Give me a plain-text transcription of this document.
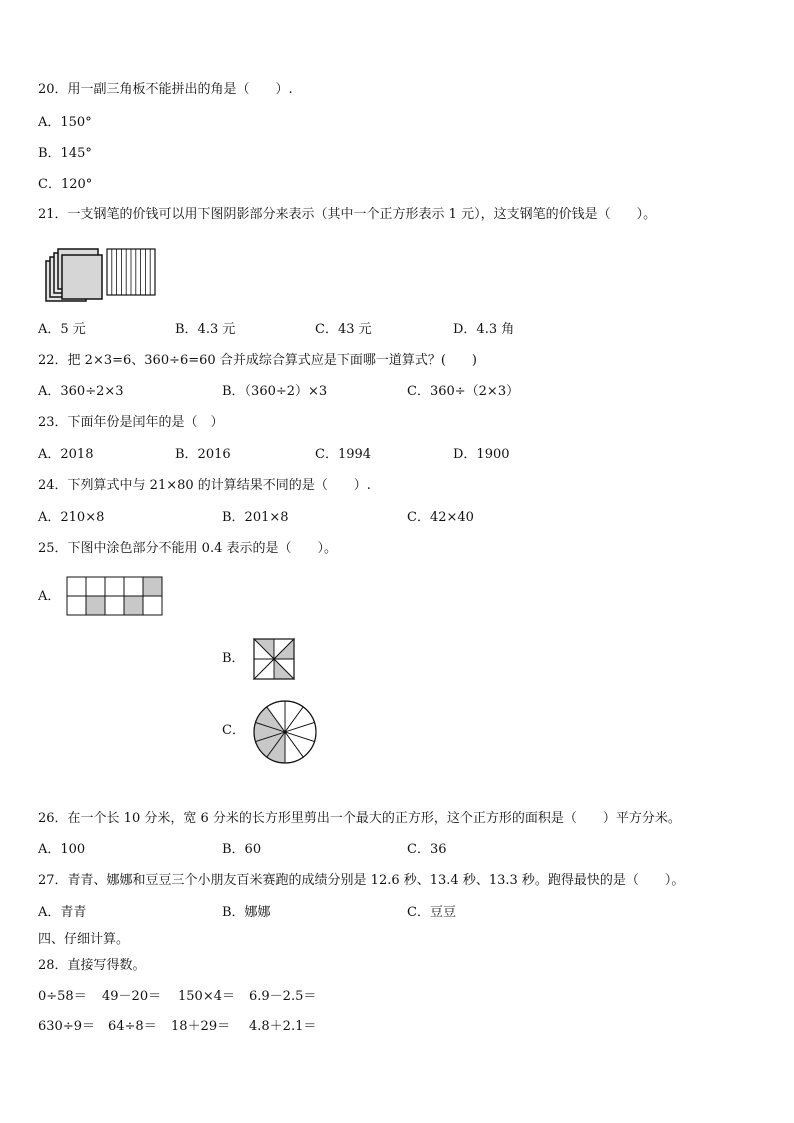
20．用一副三角板不能拼出的角是（　　）.
A．150°
B．145°
C．120°
21．一支钢笔的价钱可以用下图阴影部分来表示（其中一个正方形表示 1 元），这支钢笔的价钱是（　　）。
A．5 元	B．4.3 元	C．43 元	D．4.3 角
22．把 2×3=6、360÷6=60 合并成综合算式应是下面哪一道算式？(　　)
A．360÷2×3	B．（360÷2）×3	C．360÷（2×3）
23．下面年份是闰年的是（　）
A．2018	B．2016	C．1994	D．1900
24．下列算式中与 21×80 的计算结果不同的是（　　）.
A．210×8	B．201×8	C．42×40
25．下图中涂色部分不能用 0.4 表示的是（　　）。
A．
B．
C．
26．在一个长 10 分米，宽 6 分米的长方形里剪出一个最大的正方形，这个正方形的面积是（　　）平方分米。
A．100	B．60	C．36
27．青青、娜娜和豆豆三个小朋友百米赛跑的成绩分别是 12.6 秒、13.4 秒、13.3 秒。跑得最快的是（　　）。
A．青青	B．娜娜	C．豆豆
四、仔细计算。
28．直接写得数。
0÷58＝ 49－20＝ 150×4＝ 6.9－2.5＝
630÷9＝ 64÷8＝ 18＋29＝ 4.8＋2.1＝
